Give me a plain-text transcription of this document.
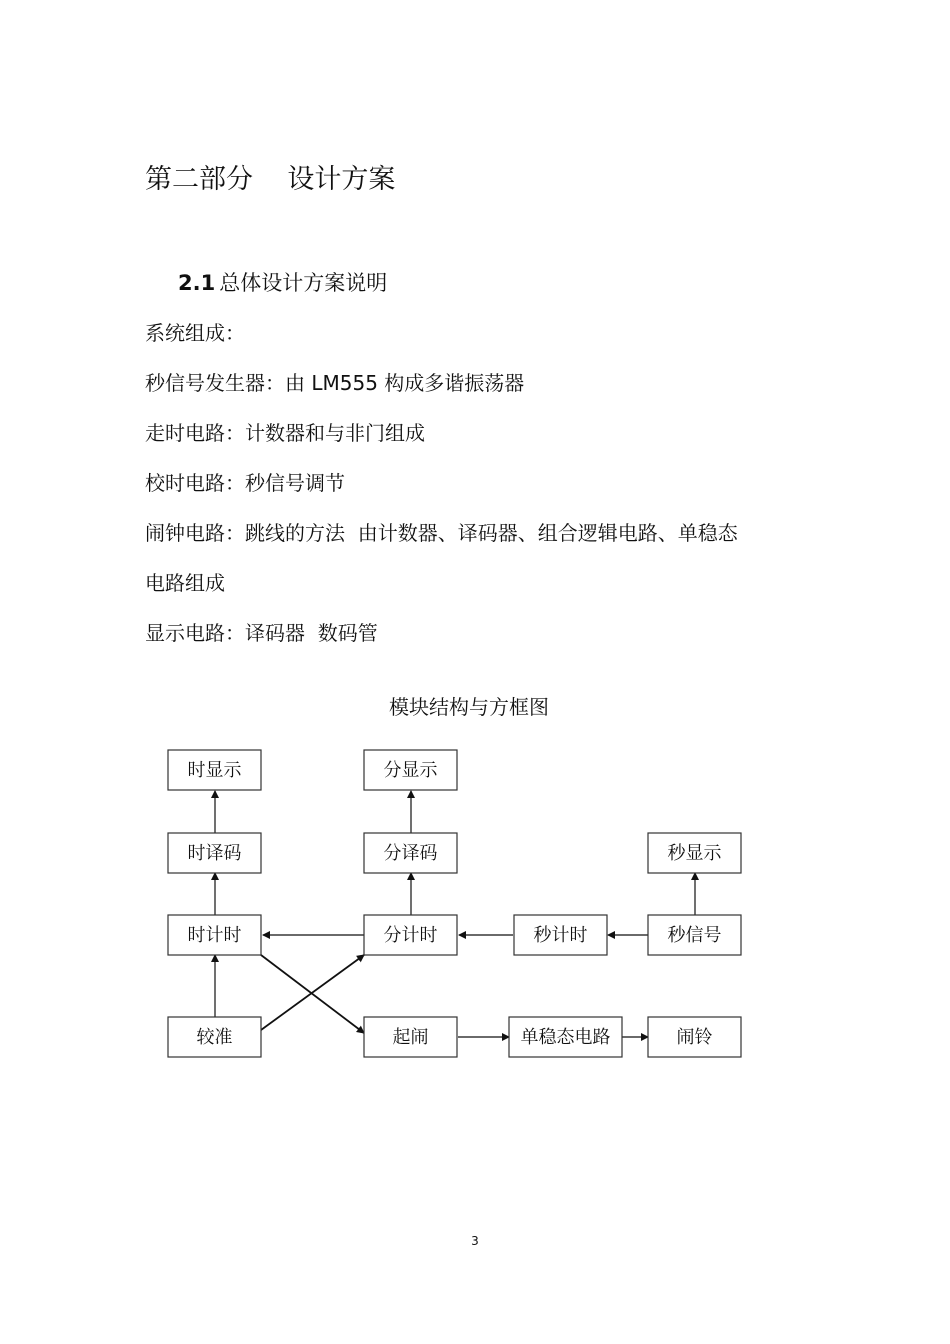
第二部分    设计方案
2.1 总体设计方案说明

系统组成：

秒信号发生器：由 LM555 构成多谐振荡器

走时电路：计数器和与非门组成

校时电路：秒信号调节

闹钟电路：跳线的方法  由计数器、译码器、组合逻辑电路、单稳态

电路组成

显示电路：译码器  数码管

模块结构与方框图

时显示	分显示
时译码	分译码	秒显示
时计时	分计时	秒计时	秒信号
较准	起闹	单稳态电路	闹铃
3
